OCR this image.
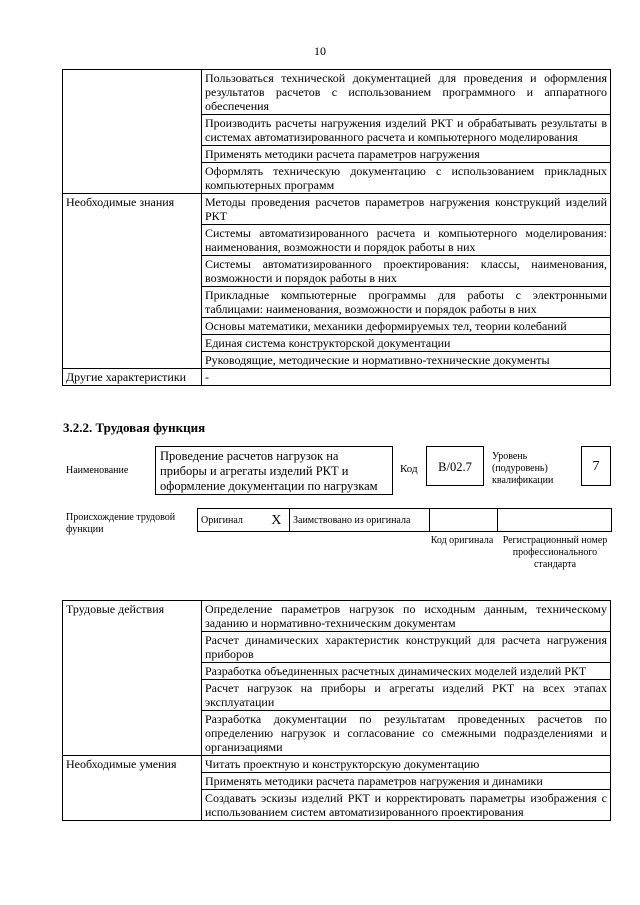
10
	Пользоваться технической документацией для проведения и оформления результатов расчетов с использованием программного и аппаратного обеспечения
	Производить расчеты нагружения изделий РКТ и обрабатывать результаты в системах автоматизированного расчета и компьютерного моделирования
	Применять методики расчета параметров нагружения
	Оформлять техническую документацию с использованием прикладных компьютерных программ
Необходимые знания	Методы проведения расчетов параметров нагружения конструкций изделий РКТ
	Системы автоматизированного расчета и компьютерного моделирования: наименования, возможности и порядок работы в них
	Системы автоматизированного проектирования: классы, наименования, возможности и порядок работы в них
	Прикладные компьютерные программы для работы с электронными таблицами: наименования, возможности и порядок работы в них
	Основы математики, механики деформируемых тел, теории колебаний
	Единая система конструкторской документации
	Руководящие, методические и нормативно-технические документы
Другие характеристики	-
3.2.2. Трудовая функция
Наименование
Проведение расчетов нагрузок на приборы и агрегаты изделий РКТ и оформление документации по нагрузкам
Код	B/02.7
Уровень (подуровень) квалификации
7
Происхождение трудовой функции
Оригинал	X	Заимствовано из оригинала		
Код оригинала Регистрационный номер профессионального стандарта
Трудовые действия	Определение параметров нагрузок по исходным данным, техническому заданию и нормативно-техническим документам
	Расчет динамических характеристик конструкций для расчета нагружения приборов
	Разработка объединенных расчетных динамических моделей изделий РКТ
	Расчет нагрузок на приборы и агрегаты изделий РКТ на всех этапах эксплуатации
	Разработка документации по результатам проведенных расчетов по определению нагрузок и согласование со смежными подразделениями и организациями
Необходимые умения	Читать проектную и конструкторскую документацию
	Применять методики расчета параметров нагружения и динамики
	Создавать эскизы изделий РКТ и корректировать параметры изображения с использованием систем автоматизированного проектирования
